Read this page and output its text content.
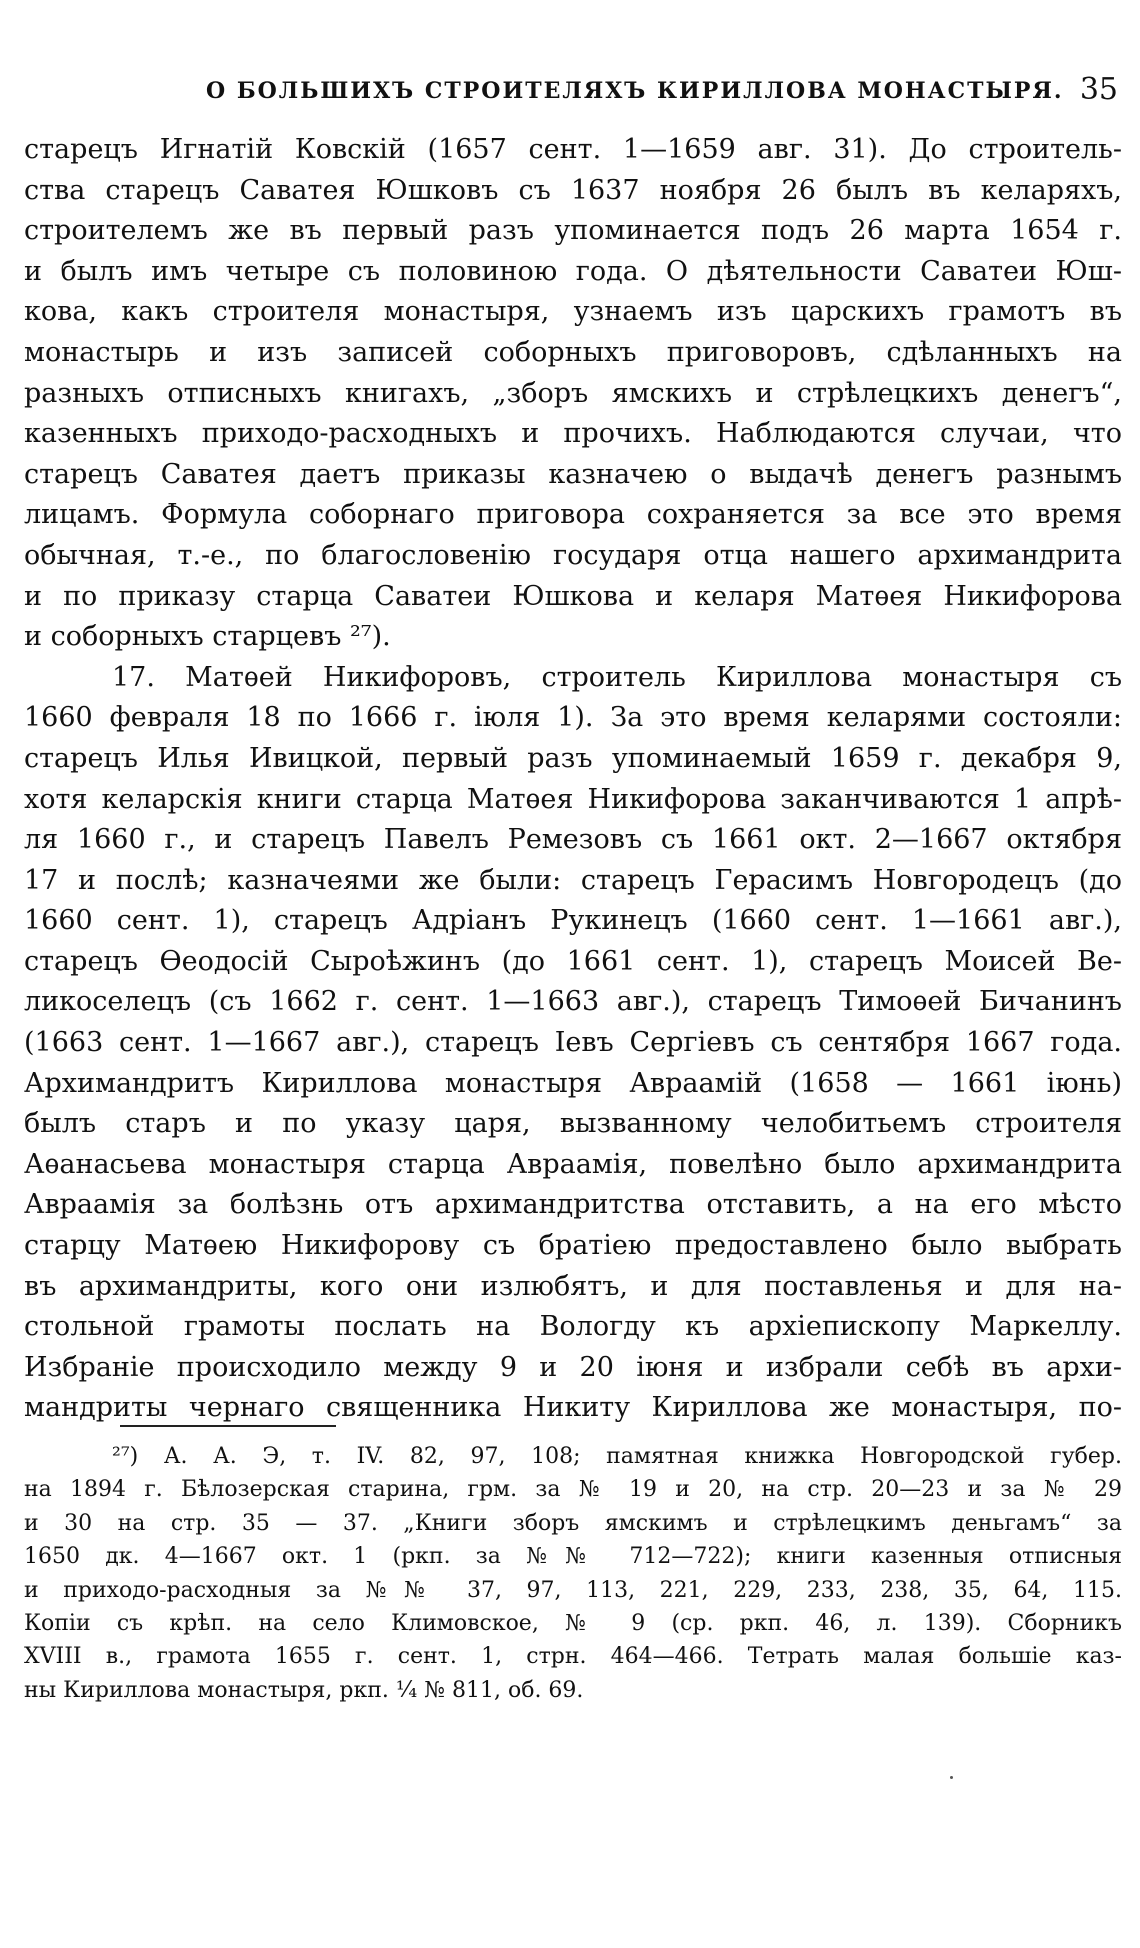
О БОЛЬШИХЪ СТРОИТЕЛЯХЪ КИРИЛЛОВА МОНАСТЫРЯ. 35
старецъ Игнатій Ковскій (1657 сент. 1—1659 авг. 31). До строитель-
ства старецъ Саватея Юшковъ съ 1637 ноября 26 былъ въ келаряхъ,
строителемъ же въ первый разъ упоминается подъ 26 марта 1654 г.
и былъ имъ четыре съ половиною года. О дѣятельности Саватеи Юш-
кова, какъ строителя монастыря, узнаемъ изъ царскихъ грамотъ въ
монастырь и изъ записей соборныхъ приговоровъ, сдѣланныхъ на
разныхъ отписныхъ книгахъ, „зборъ ямскихъ и стрѣлецкихъ денегъ“,
казенныхъ приходо-расходныхъ и прочихъ. Наблюдаются случаи, что
старецъ Саватея даетъ приказы казначею о выдачѣ денегъ разнымъ
лицамъ. Формула соборнаго приговора сохраняется за все это время
обычная, т.-е., по благословенію государя отца нашего архимандрита
и по приказу старца Саватеи Юшкова и келаря Матѳея Никифорова
и соборныхъ старцевъ ²⁷).
17. Матѳей Никифоровъ, строитель Кириллова монастыря съ
1660 февраля 18 по 1666 г. іюля 1). За это время келарями состояли:
старецъ Илья Ивицкой, первый разъ упоминаемый 1659 г. декабря 9,
хотя келарскія книги старца Матѳея Никифорова заканчиваются 1 апрѣ-
ля 1660 г., и старецъ Павелъ Ремезовъ съ 1661 окт. 2—1667 октября
17 и послѣ; казначеями же были: старецъ Герасимъ Новгородецъ (до
1660 сент. 1), старецъ Адріанъ Рукинецъ (1660 сент. 1—1661 авг.),
старецъ Ѳеодосій Сыроѣжинъ (до 1661 сент. 1), старецъ Моисей Ве-
ликоселецъ (съ 1662 г. сент. 1—1663 авг.), старецъ Тимоѳей Бичанинъ
(1663 сент. 1—1667 авг.), старецъ Іевъ Сергіевъ съ сентября 1667 года.
Архимандритъ Кириллова монастыря Авраамій (1658 — 1661 іюнь)
былъ старъ и по указу царя, вызванному челобитьемъ строителя
Аѳанасьева монастыря старца Авраамія, повелѣно было архимандрита
Авраамія за болѣзнь отъ архимандритства отставить, а на его мѣсто
старцу Матѳею Никифорову съ братіею предоставлено было выбрать
въ архимандриты, кого они излюбятъ, и для поставленья и для на-
стольной грамоты послать на Вологду къ архіепископу Маркеллу.
Избраніе происходило между 9 и 20 іюня и избрали себѣ въ архи-
мандриты чернаго священника Никиту Кириллова же монастыря, по-
²⁷) А. А. Э, т. IV. 82, 97, 108; памятная книжка Новгородской губер.
на 1894 г. Бѣлозерская старина, грм. за № 19 и 20, на стр. 20—23 и за № 29
и 30 на стр. 35 — 37. „Книги зборъ ямскимъ и стрѣлецкимъ деньгамъ“ за
1650 дк. 4—1667 окт. 1 (ркп. за №№ 712—722); книги казенныя отписныя
и приходо-расходныя за №№ 37, 97, 113, 221, 229, 233, 238, 35, 64, 115.
Копіи съ крѣп. на село Климовское, № 9 (ср. ркп. 46, л. 139). Сборникъ
XVIII в., грамота 1655 г. сент. 1, стрн. 464—466. Тетрать малая большіе каз-
ны Кириллова монастыря, ркп. ¹⁄₄ № 811, об. 69.
